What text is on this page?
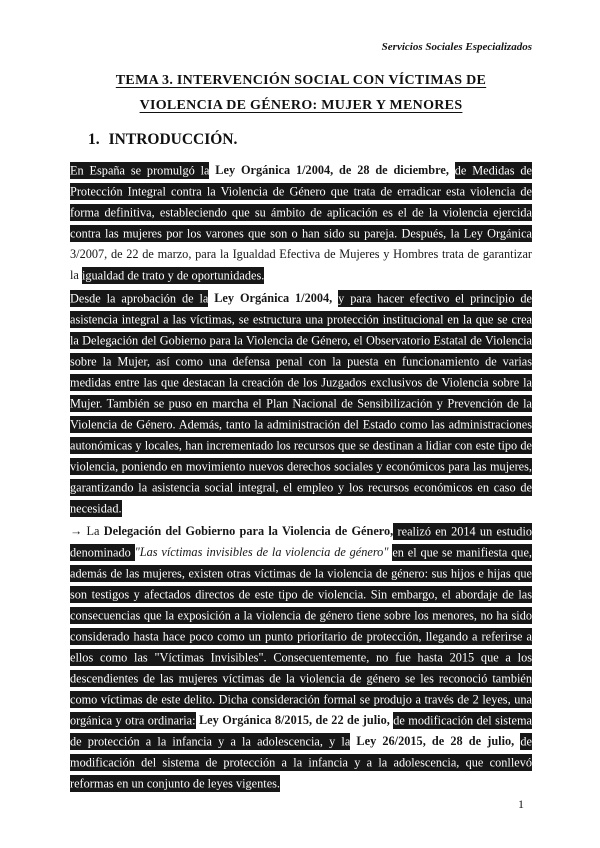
Servicios Sociales Especializados
TEMA 3. INTERVENCIÓN SOCIAL CON VÍCTIMAS DE
VIOLENCIA DE GÉNERO: MUJER Y MENORES
1. INTRODUCCIÓN.

En España se promulgó la Ley Orgánica 1/2004, de 28 de diciembre, de Medidas de Protección Integral contra la Violencia de Género que trata de erradicar esta violencia de forma definitiva, estableciendo que su ámbito de aplicación es el de la violencia ejercida contra las mujeres por los varones que son o han sido su pareja. Después, la Ley Orgánica 3/2007, de 22 de marzo, para la Igualdad Efectiva de Mujeres y Hombres trata de garantizar la igualdad de trato y de oportunidades.

Desde la aprobación de la Ley Orgánica 1/2004, y para hacer efectivo el principio de asistencia integral a las víctimas, se estructura una protección institucional en la que se crea la Delegación del Gobierno para la Violencia de Género, el Observatorio Estatal de Violencia sobre la Mujer, así como una defensa penal con la puesta en funcionamiento de varias medidas entre las que destacan la creación de los Juzgados exclusivos de Violencia sobre la Mujer. También se puso en marcha el Plan Nacional de Sensibilización y Prevención de la Violencia de Género. Además, tanto la administración del Estado como las administraciones autonómicas y locales, han incrementado los recursos que se destinan a lidiar con este tipo de violencia, poniendo en movimiento nuevos derechos sociales y económicos para las mujeres, garantizando la asistencia social integral, el empleo y los recursos económicos en caso de necesidad.

→ La Delegación del Gobierno para la Violencia de Género, realizó en 2014 un estudio denominado "Las víctimas invisibles de la violencia de género" en el que se manifiesta que, además de las mujeres, existen otras víctimas de la violencia de género: sus hijos e hijas que son testigos y afectados directos de este tipo de violencia. Sin embargo, el abordaje de las consecuencias que la exposición a la violencia de género tiene sobre los menores, no ha sido considerado hasta hace poco como un punto prioritario de protección, llegando a referirse a ellos como las "Víctimas Invisibles". Consecuentemente, no fue hasta 2015 que a los descendientes de las mujeres víctimas de la violencia de género se les reconoció también como víctimas de este delito. Dicha consideración formal se produjo a través de 2 leyes, una orgánica y otra ordinaria: Ley Orgánica 8/2015, de 22 de julio, de modificación del sistema de protección a la infancia y a la adolescencia, y la Ley 26/2015, de 28 de julio, de modificación del sistema de protección a la infancia y a la adolescencia, que conllevó reformas en un conjunto de leyes vigentes.

1
